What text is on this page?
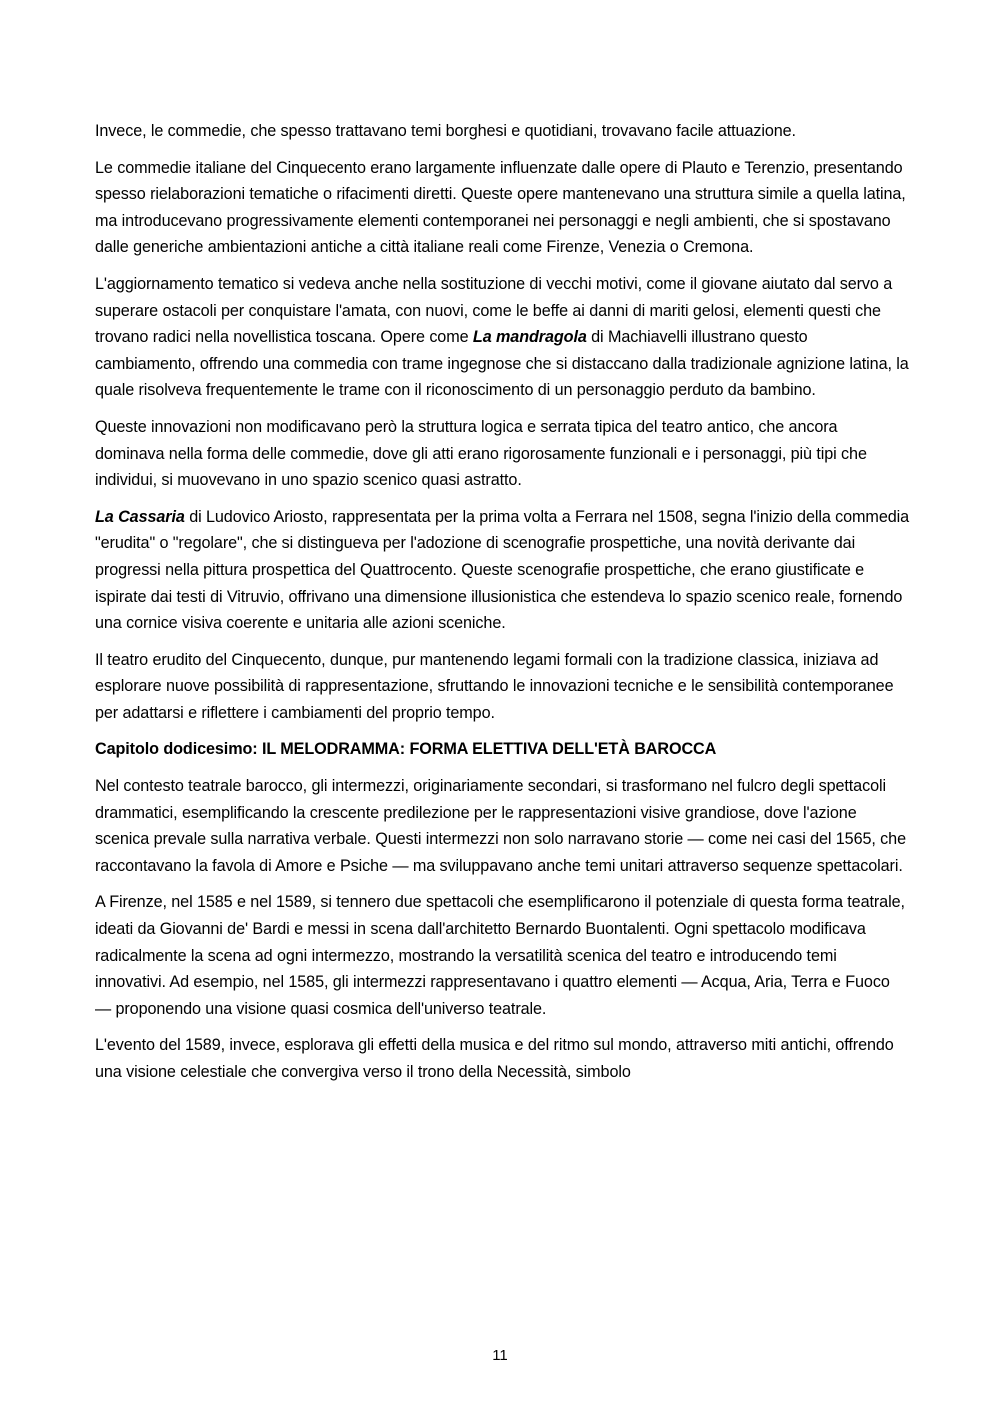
Invece, le commedie, che spesso trattavano temi borghesi e quotidiani, trovavano facile attuazione.

Le commedie italiane del Cinquecento erano largamente influenzate dalle opere di Plauto e Terenzio, presentando spesso rielaborazioni tematiche o rifacimenti diretti. Queste opere mantenevano una struttura simile a quella latina, ma introducevano progressivamente elementi contemporanei nei personaggi e negli ambienti, che si spostavano dalle generiche ambientazioni antiche a città italiane reali come Firenze, Venezia o Cremona.

L'aggiornamento tematico si vedeva anche nella sostituzione di vecchi motivi, come il giovane aiutato dal servo a superare ostacoli per conquistare l'amata, con nuovi, come le beffe ai danni di mariti gelosi, elementi questi che trovano radici nella novellistica toscana. Opere come La mandragola di Machiavelli illustrano questo cambiamento, offrendo una commedia con trame ingegnose che si distaccano dalla tradizionale agnizione latina, la quale risolveva frequentemente le trame con il riconoscimento di un personaggio perduto da bambino.

Queste innovazioni non modificavano però la struttura logica e serrata tipica del teatro antico, che ancora dominava nella forma delle commedie, dove gli atti erano rigorosamente funzionali e i personaggi, più tipi che individui, si muovevano in uno spazio scenico quasi astratto.

La Cassaria di Ludovico Ariosto, rappresentata per la prima volta a Ferrara nel 1508, segna l'inizio della commedia "erudita" o "regolare", che si distingueva per l'adozione di scenografie prospettiche, una novità derivante dai progressi nella pittura prospettica del Quattrocento. Queste scenografie prospettiche, che erano giustificate e ispirate dai testi di Vitruvio, offrivano una dimensione illusionistica che estendeva lo spazio scenico reale, fornendo una cornice visiva coerente e unitaria alle azioni sceniche.

Il teatro erudito del Cinquecento, dunque, pur mantenendo legami formali con la tradizione classica, iniziava ad esplorare nuove possibilità di rappresentazione, sfruttando le innovazioni tecniche e le sensibilità contemporanee per adattarsi e riflettere i cambiamenti del proprio tempo.

Capitolo dodicesimo: IL MELODRAMMA: FORMA ELETTIVA DELL'ETÀ BAROCCA

Nel contesto teatrale barocco, gli intermezzi, originariamente secondari, si trasformano nel fulcro degli spettacoli drammatici, esemplificando la crescente predilezione per le rappresentazioni visive grandiose, dove l'azione scenica prevale sulla narrativa verbale. Questi intermezzi non solo narravano storie — come nei casi del 1565, che raccontavano la favola di Amore e Psiche — ma sviluppavano anche temi unitari attraverso sequenze spettacolari.

A Firenze, nel 1585 e nel 1589, si tennero due spettacoli che esemplificarono il potenziale di questa forma teatrale, ideati da Giovanni de' Bardi e messi in scena dall'architetto Bernardo Buontalenti. Ogni spettacolo modificava radicalmente la scena ad ogni intermezzo, mostrando la versatilità scenica del teatro e introducendo temi innovativi. Ad esempio, nel 1585, gli intermezzi rappresentavano i quattro elementi — Acqua, Aria, Terra e Fuoco — proponendo una visione quasi cosmica dell'universo teatrale.

L'evento del 1589, invece, esplorava gli effetti della musica e del ritmo sul mondo, attraverso miti antichi, offrendo una visione celestiale che convergiva verso il trono della Necessità, simbolo

11
